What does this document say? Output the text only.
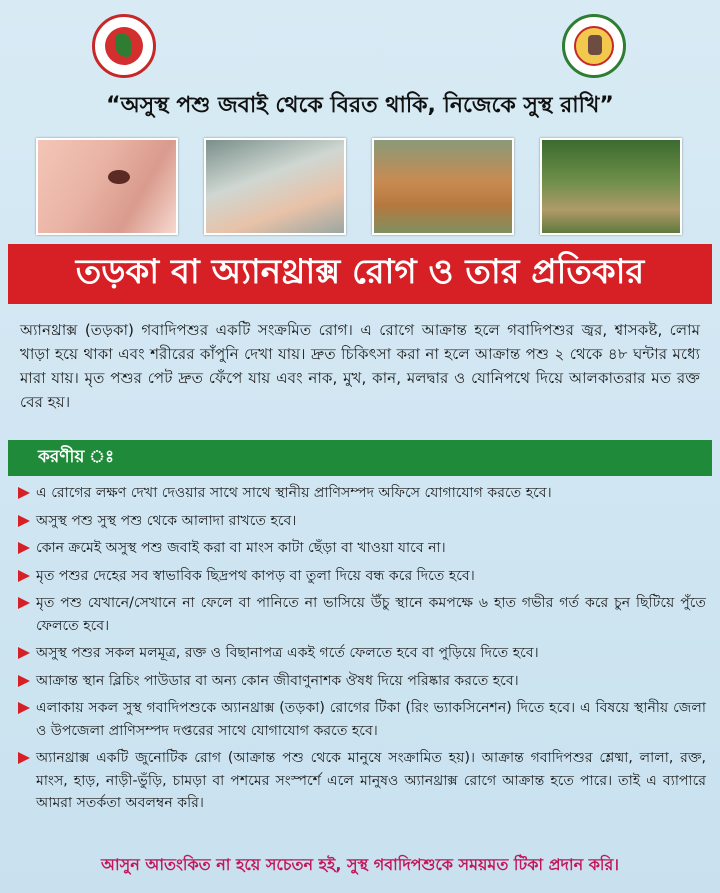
“অসুস্থ পশু জবাই থেকে বিরত থাকি, নিজেকে সুস্থ রাখি”
তড়কা বা অ্যানথ্রাক্স রোগ ও তার প্রতিকার
অ্যানথ্রাক্স (তড়কা) গবাদিপশুর একটি সংক্রমিত রোগ। এ রোগে আক্রান্ত হলে গবাদিপশুর জ্বর, শ্বাসকষ্ট, লোম খাড়া হয়ে থাকা এবং শরীরের কাঁপুনি দেখা যায়। দ্রুত চিকিৎসা করা না হলে আক্রান্ত পশু ২ থেকে ৪৮ ঘন্টার মধ্যে মারা যায়। মৃত পশুর পেট দ্রুত ফেঁপে যায় এবং নাক, মুখ, কান, মলদ্বার ও যোনিপথে দিয়ে আলকাতরার মত রক্ত বের হয়।
করণীয় ঃ
এ রোগের লক্ষণ দেখা দেওয়ার সাথে সাথে স্থানীয় প্রাণিসম্পদ অফিসে যোগাযোগ করতে হবে।
অসুস্থ পশু সুস্থ পশু থেকে আলাদা রাখতে হবে।
কোন ক্রমেই অসুস্থ পশু জবাই করা বা মাংস কাটা ছেঁড়া বা খাওয়া যাবে না।
মৃত পশুর দেহের সব স্বাভাবিক ছিদ্রপথ কাপড় বা তুলা দিয়ে বন্ধ করে দিতে হবে।
মৃত পশু যেখানে/সেখানে না ফেলে বা পানিতে না ভাসিয়ে উঁচু স্থানে কমপক্ষে ৬ হাত গভীর গর্ত করে চুন ছিটিয়ে পুঁতে ফেলতে হবে।
অসুস্থ পশুর সকল মলমূত্র, রক্ত ও বিছানাপত্র একই গর্তে ফেলতে হবে বা পুড়িয়ে দিতে হবে।
আক্রান্ত স্থান ব্লিচিং পাউডার বা অন্য কোন জীবাণুনাশক ঔষধ দিয়ে পরিষ্কার করতে হবে।
এলাকায় সকল সুস্থ গবাদিপশুকে অ্যানথ্রাক্স (তড়কা) রোগের টিকা (রিং ভ্যাকসিনেশন) দিতে হবে। এ বিষয়ে স্থানীয় জেলা ও উপজেলা প্রাণিসম্পদ দপ্তরের সাথে যোগাযোগ করতে হবে।
অ্যানথ্রাক্স একটি জুনোটিক রোগ (আক্রান্ত পশু থেকে মানুষে সংক্রামিত হয়)। আক্রান্ত গবাদিপশুর শ্লেষ্মা, লালা, রক্ত, মাংস, হাড়, নাড়ী-ভুঁড়ি, চামড়া বা পশমের সংস্পর্শে এলে মানুষও অ্যানথ্রাক্স রোগে আক্রান্ত হতে পারে। তাই এ ব্যাপারে আমরা সতর্কতা অবলম্বন করি।
আসুন আতংকিত না হয়ে সচেতন হই, সুস্থ গবাদিপশুকে সময়মত টিকা প্রদান করি।
